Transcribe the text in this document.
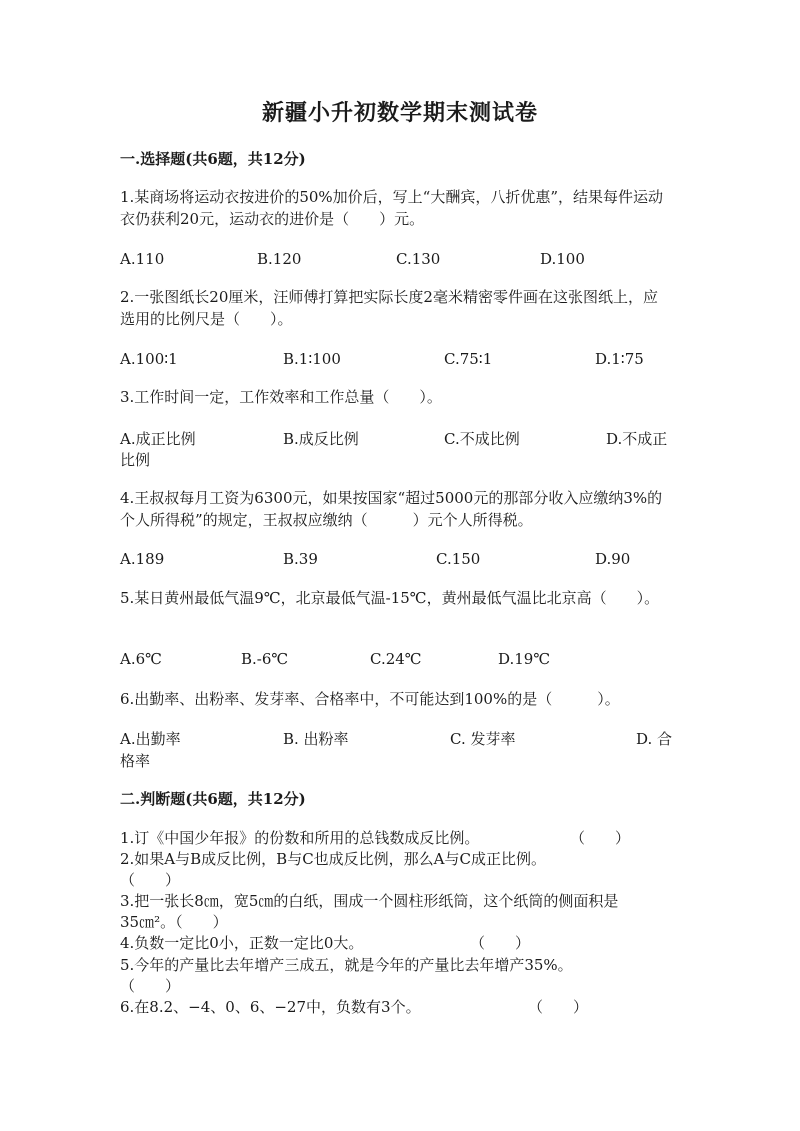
新疆小升初数学期末测试卷
一.选择题(共6题，共12分)
1.某商场将运动衣按进价的50%加价后，写上“大酬宾，八折优惠”，结果每件运动衣仍获利20元，运动衣的进价是（　　）元。
A.110	B.120	C.130	D.100
2.一张图纸长20厘米，汪师傅打算把实际长度2毫米精密零件画在这张图纸上，应选用的比例尺是（　　）。
A.100∶1	B.1∶100	C.75∶1	D.1∶75
3.工作时间一定，工作效率和工作总量（　　）。
A.成正比例	B.成反比例	C.不成比例	D.不成正
比例
4.王叔叔每月工资为6300元，如果按国家“超过5000元的那部分收入应缴纳3%的个人所得税”的规定，王叔叔应缴纳（　　　）元个人所得税。
A.189	B.39	C.150	D.90
5.某日黄州最低气温9℃，北京最低气温-15℃，黄州最低气温比北京高（　　）。
A.6℃	B.-6℃	C.24℃	D.19℃
6.出勤率、出粉率、发芽率、合格率中，不可能达到100%的是（　　　）。
A.出勤率	B. 出粉率	C. 发芽率	D. 合
格率
二.判断题(共6题，共12分)
1.订《中国少年报》的份数和所用的总钱数成反比例。	（　　）
2.如果A与B成反比例，B与C也成反比例，那么A与C成正比例。
（　　）
3.把一张长8㎝，宽5㎝的白纸，围成一个圆柱形纸筒，这个纸筒的侧面积是
35㎝²。（　　）
4.负数一定比0小，正数一定比0大。	（　　）
5.今年的产量比去年增产三成五，就是今年的产量比去年增产35%。
（　　）
6.在8.2、−4、0、6、−27中，负数有3个。	（　　）
